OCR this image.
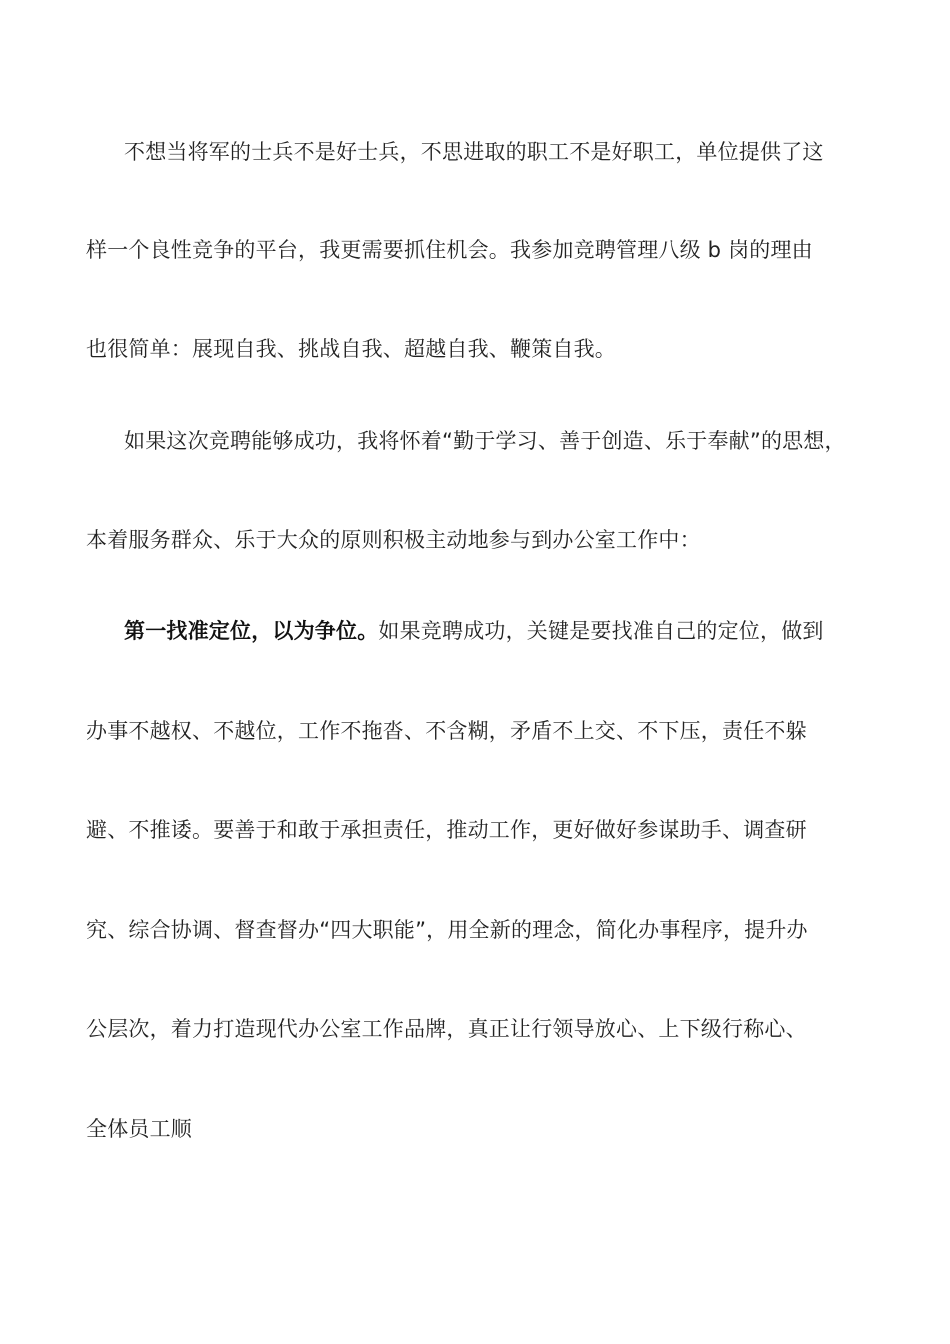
不想当将军的士兵不是好士兵，不思进取的职工不是好职工，单位提供了这
样一个良性竞争的平台，我更需要抓住机会。我参加竞聘管理八级 b 岗的理由
也很简单：展现自我、挑战自我、超越自我、鞭策自我。
如果这次竞聘能够成功，我将怀着“勤于学习、善于创造、乐于奉献”的思想，
本着服务群众、乐于大众的原则积极主动地参与到办公室工作中：
第一找准定位，以为争位。如果竞聘成功，关键是要找准自己的定位，做到
办事不越权、不越位，工作不拖沓、不含糊，矛盾不上交、不下压，责任不躲
避、不推诿。要善于和敢于承担责任，推动工作，更好做好参谋助手、调查研
究、综合协调、督查督办“四大职能”，用全新的理念，简化办事程序，提升办
公层次，着力打造现代办公室工作品牌，真正让行领导放心、上下级行称心、
全体员工顺
